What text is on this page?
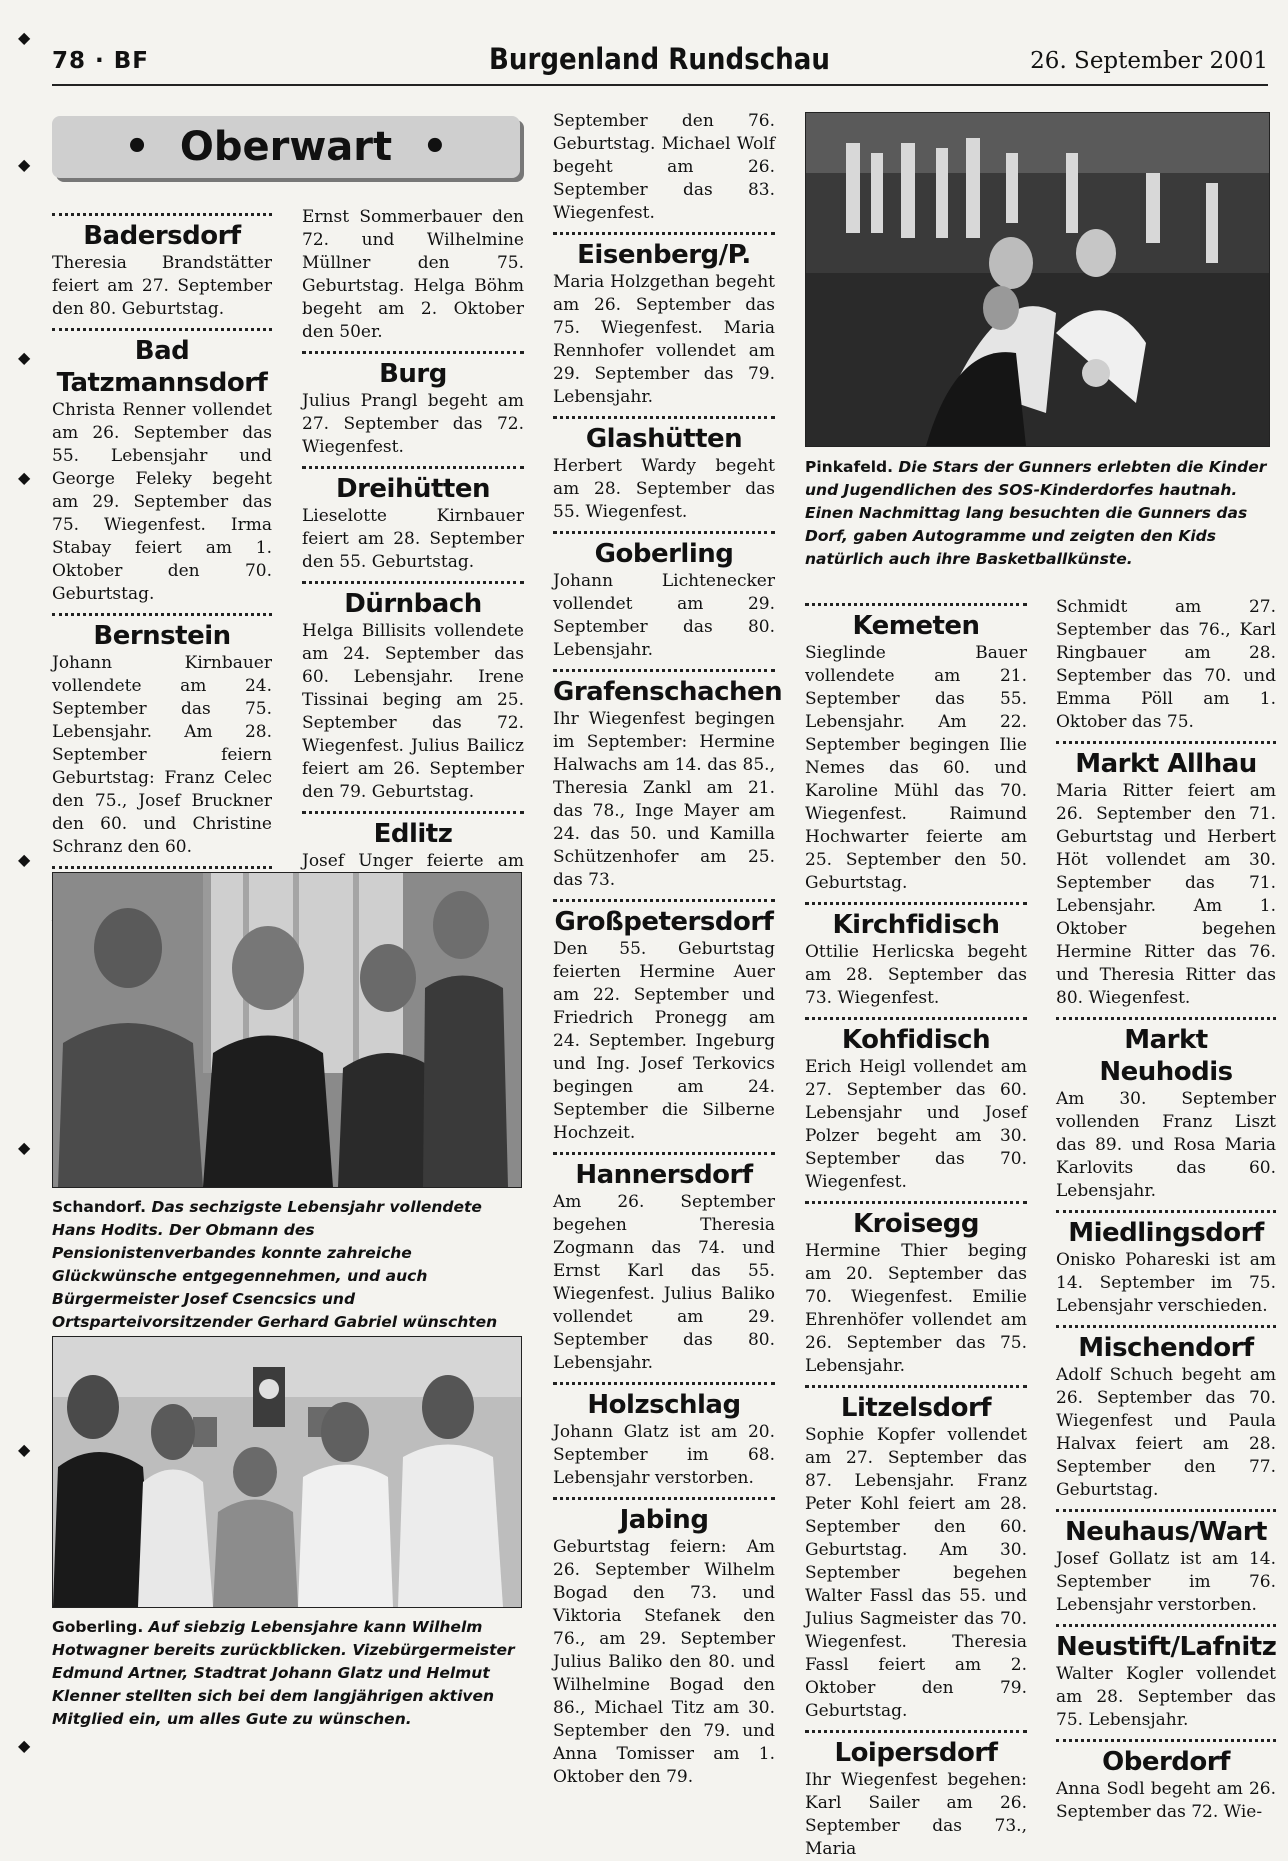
78 · BF	Burgenland Rundschau	26. September 2001
• Oberwart •
Badersdorf
Theresia Brandstätter feiert am 27. September den 80. Geburtstag.
Bad Tatzmannsdorf
Christa Renner vollendet am 26. September das 55. Lebensjahr und George Feleky begeht am 29. September das 75. Wiegenfest. Irma Stabay feiert am 1. Oktober den 70. Geburtstag.
Bernstein
Johann Kirnbauer vollendete am 24. September das 75. Lebensjahr. Am 28. September feiern Geburtstag: Franz Celec den 75., Josef Bruckner den 60. und Christine Schranz den 60.
Ernst Sommerbauer den 72. und Wilhelmine Müllner den 75. Geburtstag. Helga Böhm begeht am 2. Oktober den 50er.
Burg
Julius Prangl begeht am 27. September das 72. Wiegenfest.
Dreihütten
Lieselotte Kirnbauer feiert am 28. September den 55. Geburtstag.
Dürnbach
Helga Billisits vollendete am 24. September das 60. Lebensjahr. Irene Tissinai beging am 25. September das 72. Wiegenfest. Julius Bailicz feiert am 26. September den 79. Geburtstag.
Edlitz
Josef Unger feierte am
September den 76. Geburtstag. Michael Wolf begeht am 26. September das 83. Wiegenfest.
Eisenberg/P.
Maria Holzgethan begeht am 26. September das 75. Wiegenfest. Maria Rennhofer vollendet am 29. September das 79. Lebensjahr.
Glashütten
Herbert Wardy begeht am 28. September das 55. Wiegenfest.
Goberling
Johann Lichtenecker vollendet am 29. September das 80. Lebensjahr.
Grafenschachen
Ihr Wiegenfest begingen im September: Hermine Halwachs am 14. das 85., Theresia Zankl am 21. das 78., Inge Mayer am 24. das 50. und Kamilla Schützenhofer am 25. das 73.
Großpetersdorf
Den 55. Geburtstag feierten Hermine Auer am 22. September und Friedrich Pronegg am 24. September. Ingeburg und Ing. Josef Terkovics begingen am 24. September die Silberne Hochzeit.
Hannersdorf
Am 26. September begehen Theresia Zogmann das 74. und Ernst Karl das 55. Wiegenfest. Julius Baliko vollendet am 29. September das 80. Lebensjahr.
Holzschlag
Johann Glatz ist am 20. September im 68. Lebensjahr verstorben.
Jabing
Geburtstag feiern: Am 26. September Wilhelm Bogad den 73. und Viktoria Stefanek den 76., am 29. September Julius Baliko den 80. und Wilhelmine Bogad den 86., Michael Titz am 30. September den 79. und Anna Tomisser am 1. Oktober den 79.
Kemeten
Sieglinde Bauer vollendete am 21. September das 55. Lebensjahr. Am 22. September begingen Ilie Nemes das 60. und Karoline Mühl das 70. Wiegenfest. Raimund Hochwarter feierte am 25. September den 50. Geburtstag.
Kirchfidisch
Ottilie Herlicska begeht am 28. September das 73. Wiegenfest.
Kohfidisch
Erich Heigl vollendet am 27. September das 60. Lebensjahr und Josef Polzer begeht am 30. September das 70. Wiegenfest.
Kroisegg
Hermine Thier beging am 20. September das 70. Wiegenfest. Emilie Ehrenhöfer vollendet am 26. September das 75. Lebensjahr.
Litzelsdorf
Sophie Kopfer vollendet am 27. September das 87. Lebensjahr. Franz Peter Kohl feiert am 28. September den 60. Geburtstag. Am 30. September begehen Walter Fassl das 55. und Julius Sagmeister das 70. Wiegenfest. Theresia Fassl feiert am 2. Oktober den 79. Geburtstag.
Loipersdorf
Ihr Wiegenfest begehen: Karl Sailer am 26. September das 73., Maria
Schmidt am 27. September das 76., Karl Ringbauer am 28. September das 70. und Emma Pöll am 1. Oktober das 75.
Markt Allhau
Maria Ritter feiert am 26. September den 71. Geburtstag und Herbert Höt vollendet am 30. September das 71. Lebensjahr. Am 1. Oktober begehen Hermine Ritter das 76. und Theresia Ritter das 80. Wiegenfest.
Markt Neuhodis
Am 30. September vollenden Franz Liszt das 89. und Rosa Maria Karlovits das 60. Lebensjahr.
Miedlingsdorf
Onisko Pohareski ist am 14. September im 75. Lebensjahr verschieden.
Mischendorf
Adolf Schuch begeht am 26. September das 70. Wiegenfest und Paula Halvax feiert am 28. September den 77. Geburtstag.
Neuhaus/Wart
Josef Gollatz ist am 14. September im 76. Lebensjahr verstorben.
Neustift/Lafnitz
Walter Kogler vollendet am 28. September das 75. Lebensjahr.
Oberdorf
Anna Sodl begeht am 26. September das 72. Wie-
Schandorf. Das sechzigste Lebensjahr vollendete Hans Hodits. Der Obmann des Pensionistenverbandes konnte zahreiche Glückwünsche entgegennehmen, und auch Bürgermeister Josef Csencsics und Ortsparteivorsitzender Gerhard Gabriel wünschten
Goberling. Auf siebzig Lebensjahre kann Wilhelm Hotwagner bereits zurückblicken. Vizebürgermeister Edmund Artner, Stadtrat Johann Glatz und Helmut Klenner stellten sich bei dem langjährigen aktiven Mitglied ein, um alles Gute zu wünschen.
Pinkafeld. Die Stars der Gunners erlebten die Kinder und Jugendlichen des SOS-Kinderdorfes hautnah. Einen Nachmittag lang besuchten die Gunners das Dorf, gaben Autogramme und zeigten den Kids natürlich auch ihre Basketballkünste.
◆
◆
◆
◆
◆
◆
◆
◆
